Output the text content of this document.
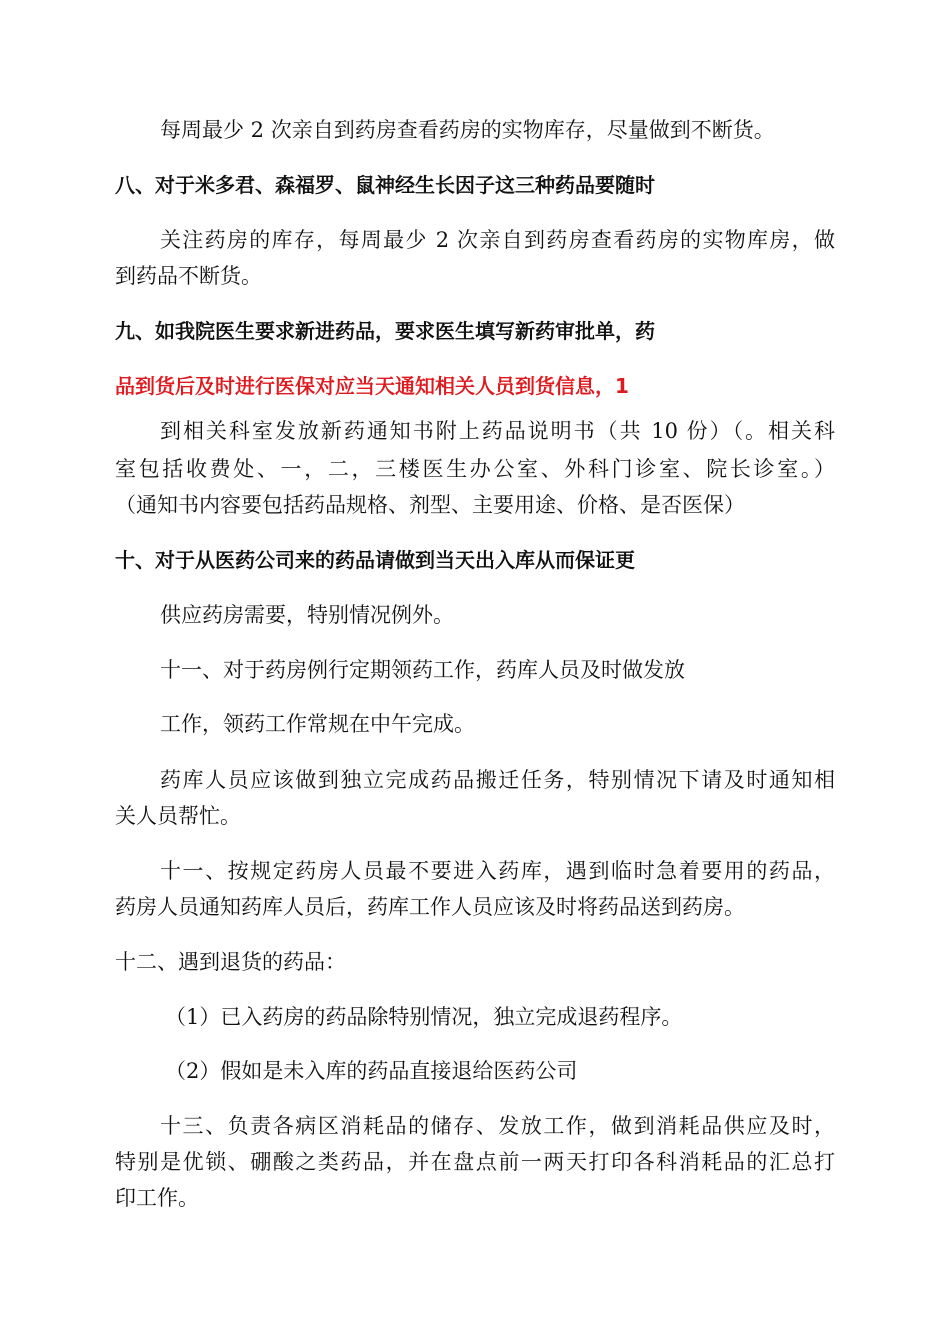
每周最少 2 次亲自到药房查看药房的实物库存，尽量做到不断货。

八、对于米多君、森福罗、鼠神经生长因子这三种药品要随时

关注药房的库存，每周最少 2 次亲自到药房查看药房的实物库房，做

到药品不断货。

九、如我院医生要求新进药品，要求医生填写新药审批单，药

品到货后及时进行医保对应当天通知相关人员到货信息，1

到相关科室发放新药通知书附上药品说明书（共 10 份）（。相关科

室包括收费处、一，二，三楼医生办公室、外科门诊室、院长诊室。）

（通知书内容要包括药品规格、剂型、主要用途、价格、是否医保）

十、对于从医药公司来的药品请做到当天出入库从而保证更

供应药房需要，特别情况例外。

十一、对于药房例行定期领药工作，药库人员及时做发放

工作，领药工作常规在中午完成。

药库人员应该做到独立完成药品搬迁任务，特别情况下请及时通知相

关人员帮忙。

十一、按规定药房人员最不要进入药库，遇到临时急着要用的药品，

药房人员通知药库人员后，药库工作人员应该及时将药品送到药房。

十二、遇到退货的药品：

（1）已入药房的药品除特别情况，独立完成退药程序。

（2）假如是未入库的药品直接退给医药公司

十三、负责各病区消耗品的储存、发放工作，做到消耗品供应及时，

特别是优锁、硼酸之类药品，并在盘点前一两天打印各科消耗品的汇总打

印工作。
